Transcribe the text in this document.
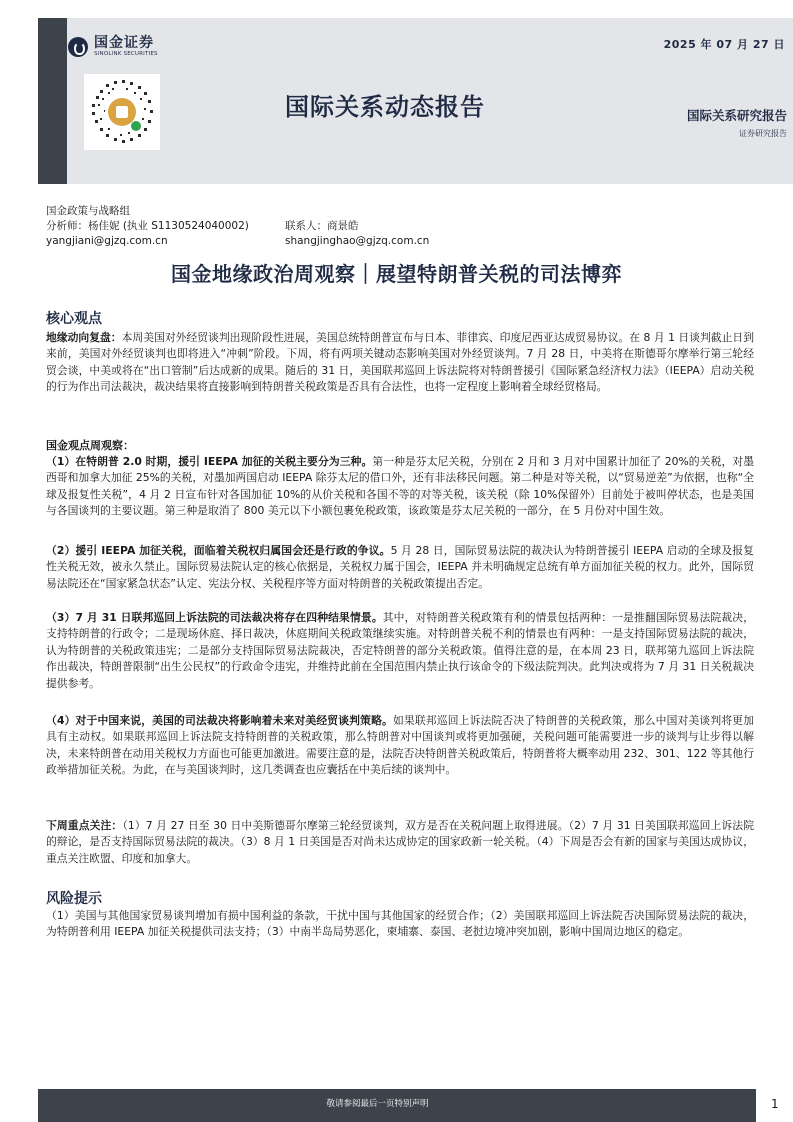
国金证券
SINOLINK SECURITIES
2025 年 07 月 27 日
国际关系动态报告	国际关系研究报告
证券研究报告
国金政策与战略组
分析师：杨佳妮 (执业 S1130524040002)	联系人：商景皓
yangjiani@gjzq.com.cn	shangjinghao@gjzq.com.cn
国金地缘政治周观察｜展望特朗普关税的司法博弈
核心观点

地缘动向复盘：本周美国对外经贸谈判出现阶段性进展，美国总统特朗普宣布与日本、菲律宾、印度尼西亚达成贸易协议。在 8 月 1 日谈判截止日到来前，美国对外经贸谈判也即将进入“冲刺”阶段。下周，将有两项关键动态影响美国对外经贸谈判。7 月 28 日，中美将在斯德哥尔摩举行第三轮经贸会谈，中美或将在“出口管制”后达成新的成果。随后的 31 日，美国联邦巡回上诉法院将对特朗普援引《国际紧急经济权力法》（IEEPA）启动关税的行为作出司法裁决，裁决结果将直接影响到特朗普关税政策是否具有合法性，也将一定程度上影响着全球经贸格局。

国金观点周观察：

（1）在特朗普 2.0 时期，援引 IEEPA 加征的关税主要分为三种。第一种是芬太尼关税，分别在 2 月和 3 月对中国累计加征了 20%的关税，对墨西哥和加拿大加征 25%的关税，对墨加两国启动 IEEPA 除芬太尼的借口外，还有非法移民问题。第二种是对等关税，以“贸易逆差”为依据，也称“全球及报复性关税”，4 月 2 日宣布针对各国加征 10%的从价关税和各国不等的对等关税，该关税（除 10%保留外）目前处于被叫停状态，也是美国与各国谈判的主要议题。第三种是取消了 800 美元以下小额包裹免税政策，该政策是芬太尼关税的一部分，在 5 月份对中国生效。

（2）援引 IEEPA 加征关税，面临着关税权归属国会还是行政的争议。5 月 28 日，国际贸易法院的裁决认为特朗普援引 IEEPA 启动的全球及报复性关税无效，被永久禁止。国际贸易法院认定的核心依据是，关税权力属于国会，IEEPA 并未明确规定总统有单方面加征关税的权力。此外，国际贸易法院还在“国家紧急状态”认定、宪法分权、关税程序等方面对特朗普的关税政策提出否定。

（3）7 月 31 日联邦巡回上诉法院的司法裁决将存在四种结果情景。其中，对特朗普关税政策有利的情景包括两种：一是推翻国际贸易法院裁决，支持特朗普的行政令；二是现场休庭、择日裁决，休庭期间关税政策继续实施。对特朗普关税不利的情景也有两种：一是支持国际贸易法院的裁决，认为特朗普的关税政策违宪；二是部分支持国际贸易法院裁决，否定特朗普的部分关税政策。值得注意的是，在本周 23 日，联邦第九巡回上诉法院作出裁决，特朗普限制“出生公民权”的行政命令违宪，并维持此前在全国范围内禁止执行该命令的下级法院判决。此判决或将为 7 月 31 日关税裁决提供参考。

（4）对于中国来说，美国的司法裁决将影响着未来对美经贸谈判策略。如果联邦巡回上诉法院否决了特朗普的关税政策，那么中国对美谈判将更加具有主动权。如果联邦巡回上诉法院支持特朗普的关税政策，那么特朗普对中国谈判或将更加强硬，关税问题可能需要进一步的谈判与让步得以解决，未来特朗普在动用关税权力方面也可能更加激进。需要注意的是，法院否决特朗普关税政策后，特朗普将大概率动用 232、301、122 等其他行政举措加征关税。为此，在与美国谈判时，这几类调查也应囊括在中美后续的谈判中。

下周重点关注：（1）7 月 27 日至 30 日中美斯德哥尔摩第三轮经贸谈判，双方是否在关税问题上取得进展。（2）7 月 31 日美国联邦巡回上诉法院的辩论，是否支持国际贸易法院的裁决。（3）8 月 1 日美国是否对尚未达成协定的国家政新一轮关税。（4）下周是否会有新的国家与美国达成协议，重点关注欧盟、印度和加拿大。

风险提示

（1）美国与其他国家贸易谈判增加有损中国利益的条款，干扰中国与其他国家的经贸合作；（2）美国联邦巡回上诉法院否决国际贸易法院的裁决，为特朗普利用 IEEPA 加征关税提供司法支持；（3）中南半岛局势恶化，柬埔寨、泰国、老挝边境冲突加剧，影响中国周边地区的稳定。

敬请参阅最后一页特别声明	1
